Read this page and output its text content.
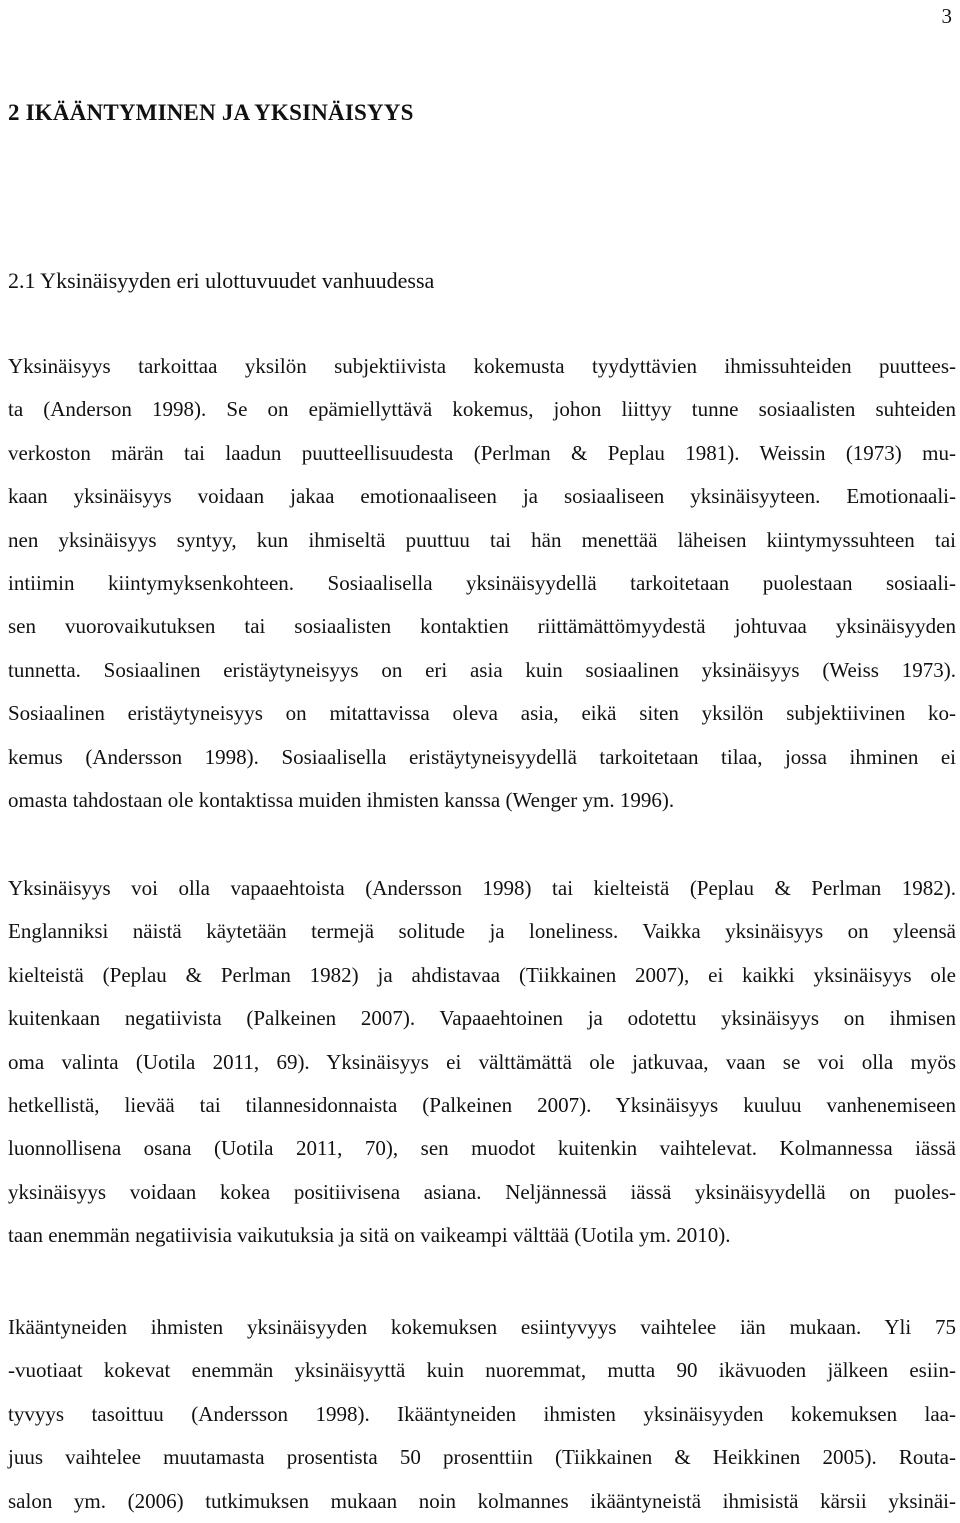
3
2 IKÄÄNTYMINEN JA YKSINÄISYYS
2.1 Yksinäisyyden eri ulottuvuudet vanhuudessa
Yksinäisyys tarkoittaa yksilön subjektiivista kokemusta tyydyttävien ihmissuhteiden puuttees-
ta (Anderson 1998). Se on epämiellyttävä kokemus, johon liittyy tunne sosiaalisten suhteiden
verkoston märän tai laadun puutteellisuudesta (Perlman & Peplau 1981). Weissin (1973) mu-
kaan yksinäisyys voidaan jakaa emotionaaliseen ja sosiaaliseen yksinäisyyteen. Emotionaali-
nen yksinäisyys syntyy, kun ihmiseltä puuttuu tai hän menettää läheisen kiintymyssuhteen tai
intiimin kiintymyksenkohteen. Sosiaalisella yksinäisyydellä tarkoitetaan puolestaan sosiaali-
sen vuorovaikutuksen tai sosiaalisten kontaktien riittämättömyydestä johtuvaa yksinäisyyden
tunnetta. Sosiaalinen eristäytyneisyys on eri asia kuin sosiaalinen yksinäisyys (Weiss 1973).
Sosiaalinen eristäytyneisyys on mitattavissa oleva asia, eikä siten yksilön subjektiivinen ko-
kemus (Andersson 1998). Sosiaalisella eristäytyneisyydellä tarkoitetaan tilaa, jossa ihminen ei
omasta tahdostaan ole kontaktissa muiden ihmisten kanssa (Wenger ym. 1996).
Yksinäisyys voi olla vapaaehtoista (Andersson 1998) tai kielteistä (Peplau & Perlman 1982).
Englanniksi näistä käytetään termejä solitude ja loneliness. Vaikka yksinäisyys on yleensä
kielteistä (Peplau & Perlman 1982) ja ahdistavaa (Tiikkainen 2007), ei kaikki yksinäisyys ole
kuitenkaan negatiivista (Palkeinen 2007). Vapaaehtoinen ja odotettu yksinäisyys on ihmisen
oma valinta (Uotila 2011, 69). Yksinäisyys ei välttämättä ole jatkuvaa, vaan se voi olla myös
hetkellistä, lievää tai tilannesidonnaista (Palkeinen 2007). Yksinäisyys kuuluu vanhenemiseen
luonnollisena osana (Uotila 2011, 70), sen muodot kuitenkin vaihtelevat. Kolmannessa iässä
yksinäisyys voidaan kokea positiivisena asiana. Neljännessä iässä yksinäisyydellä on puoles-
taan enemmän negatiivisia vaikutuksia ja sitä on vaikeampi välttää (Uotila ym. 2010).
Ikääntyneiden ihmisten yksinäisyyden kokemuksen esiintyvyys vaihtelee iän mukaan. Yli 75
-vuotiaat kokevat enemmän yksinäisyyttä kuin nuoremmat, mutta 90 ikävuoden jälkeen esiin-
tyvyys tasoittuu (Andersson 1998). Ikääntyneiden ihmisten yksinäisyyden kokemuksen laa-
juus vaihtelee muutamasta prosentista 50 prosenttiin (Tiikkainen & Heikkinen 2005). Routa-
salon ym. (2006) tutkimuksen mukaan noin kolmannes ikääntyneistä ihmisistä kärsii yksinäi-
